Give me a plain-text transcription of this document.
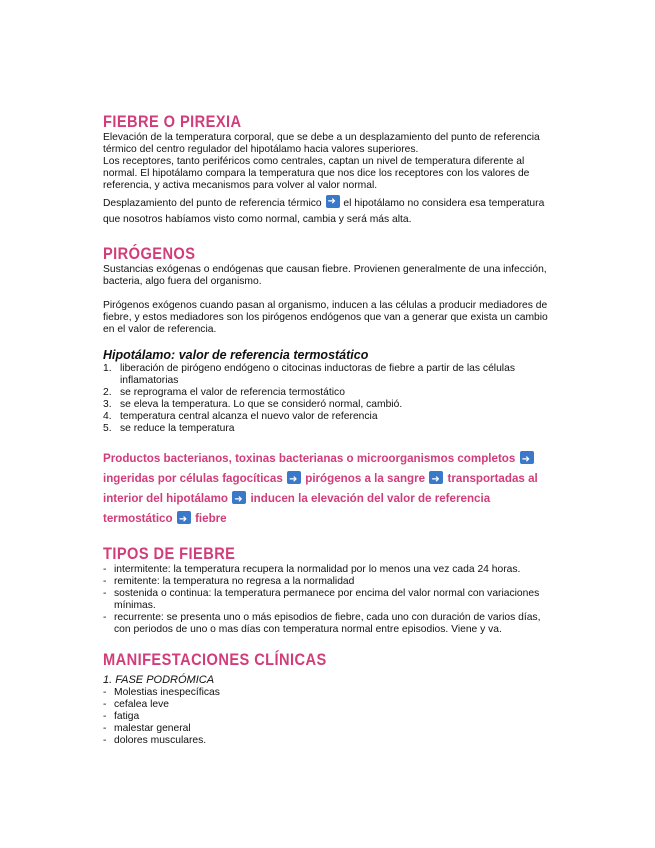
FIEBRE O PIREXIA

Elevación de la temperatura corporal, que se debe a un desplazamiento del punto de referencia térmico del centro regulador del hipotálamo hacia valores superiores.

Los receptores, tanto periféricos como centrales, captan un nivel de temperatura diferente al normal. El hipotálamo compara la temperatura que nos dice los receptores con los valores de referencia, y activa mecanismos para volver al valor normal.

Desplazamiento del punto de referencia térmico ➜ el hipotálamo no considera esa temperatura que nosotros habíamos visto como normal, cambia y será más alta.

PIRÓGENOS

Sustancias exógenas o endógenas que causan fiebre. Provienen generalmente de una infección, bacteria, algo fuera del organismo.

Pirógenos exógenos cuando pasan al organismo, inducen a las células a producir mediadores de fiebre, y estos mediadores son los pirógenos endógenos que van a generar que exista un cambio en el valor de referencia.

Hipotálamo: valor de referencia termostático

1. liberación de pirógeno endógeno o citocinas inductoras de fiebre a partir de las células inflamatorias
2. se reprograma el valor de referencia termostático
3. se eleva la temperatura. Lo que se consideró normal, cambió.
4. temperatura central alcanza el nuevo valor de referencia
5. se reduce la temperatura

Productos bacterianos, toxinas bacterianas o microorganismos completos ➜ ingeridas por células fagocíticas ➜ pirógenos a la sangre ➜ transportadas al interior del hipotálamo ➜ inducen la elevación del valor de referencia termostático ➜ fiebre

TIPOS DE FIEBRE
- intermitente: la temperatura recupera la normalidad por lo menos una vez cada 24 horas.
- remitente: la temperatura no regresa a la normalidad
- sostenida o continua: la temperatura permanece por encima del valor normal con variaciones mínimas.
- recurrente: se presenta uno o más episodios de fiebre, cada uno con duración de varios días, con periodos de uno o mas días con temperatura normal entre episodios. Viene y va.
MANIFESTACIONES CLÍNICAS

1. FASE PODRÓMICA

- Molestias inespecíficas
- cefalea leve
- fatiga
- malestar general
- dolores musculares.
